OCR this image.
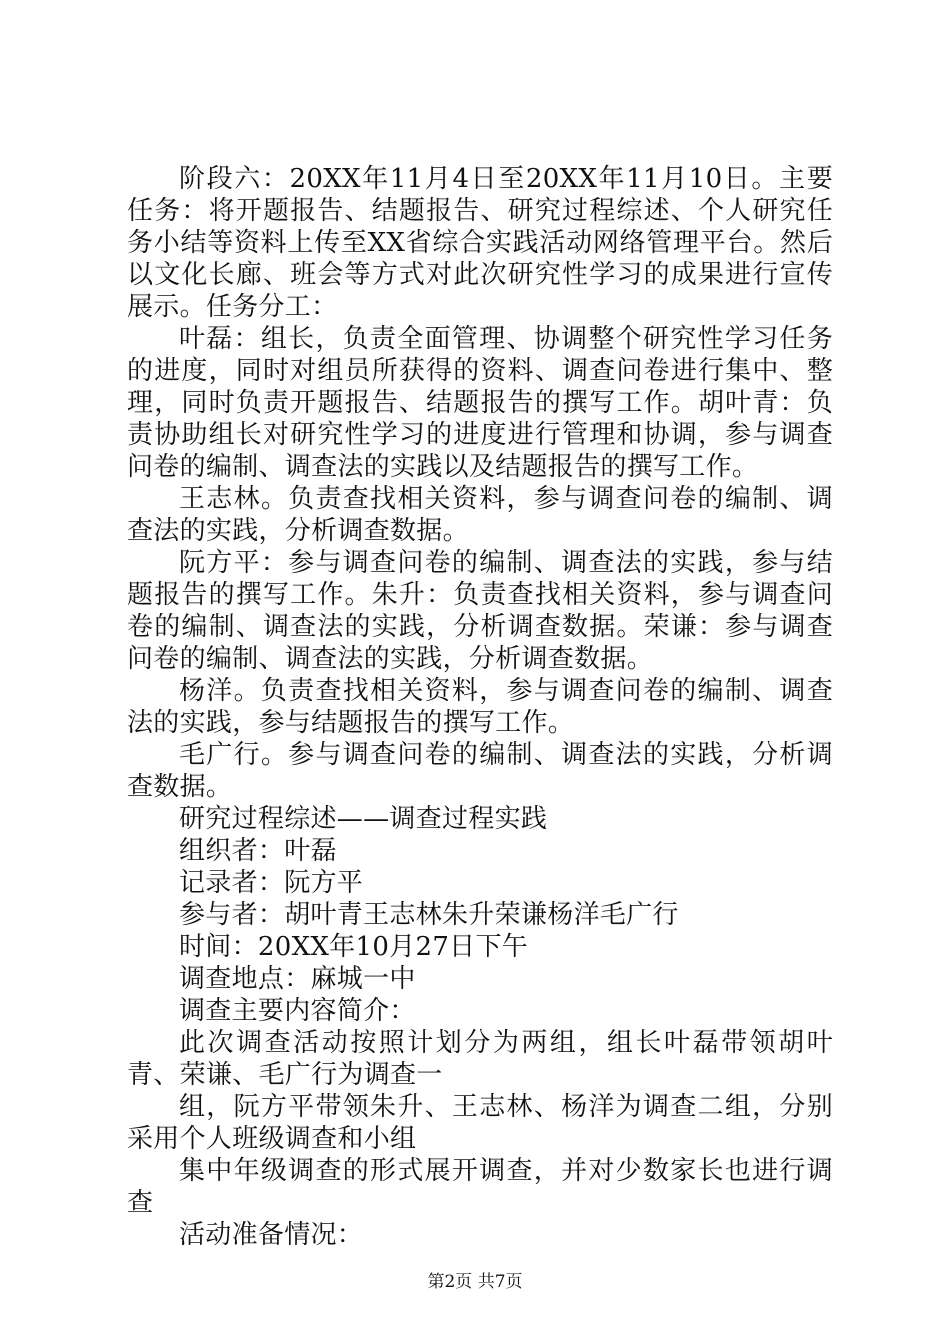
阶段六：20XX年11月4日至20XX年11月10日。主要任务：将开题报告、结题报告、研究过程综述、个人研究任务小结等资料上传至XX省综合实践活动网络管理平台。然后以文化长廊、班会等方式对此次研究性学习的成果进行宣传展示。任务分工：

叶磊：组长，负责全面管理、协调整个研究性学习任务的进度，同时对组员所获得的资料、调查问卷进行集中、整理，同时负责开题报告、结题报告的撰写工作。胡叶青：负责协助组长对研究性学习的进度进行管理和协调，参与调查问卷的编制、调查法的实践以及结题报告的撰写工作。

王志林。负责查找相关资料，参与调查问卷的编制、调查法的实践，分析调查数据。

阮方平：参与调查问卷的编制、调查法的实践，参与结题报告的撰写工作。朱升：负责查找相关资料，参与调查问卷的编制、调查法的实践，分析调查数据。荣谦：参与调查问卷的编制、调查法的实践，分析调查数据。

杨洋。负责查找相关资料，参与调查问卷的编制、调查法的实践，参与结题报告的撰写工作。

毛广行。参与调查问卷的编制、调查法的实践，分析调查数据。

研究过程综述——调查过程实践

组织者：叶磊

记录者：阮方平

参与者：胡叶青王志林朱升荣谦杨洋毛广行

时间：20XX年10月27日下午

调查地点：麻城一中

调查主要内容简介：

此次调查活动按照计划分为两组，组长叶磊带领胡叶青、荣谦、毛广行为调查一

组，阮方平带领朱升、王志林、杨洋为调查二组，分别采用个人班级调查和小组

集中年级调查的形式展开调查，并对少数家长也进行调查

活动准备情况：

第2页 共7页
